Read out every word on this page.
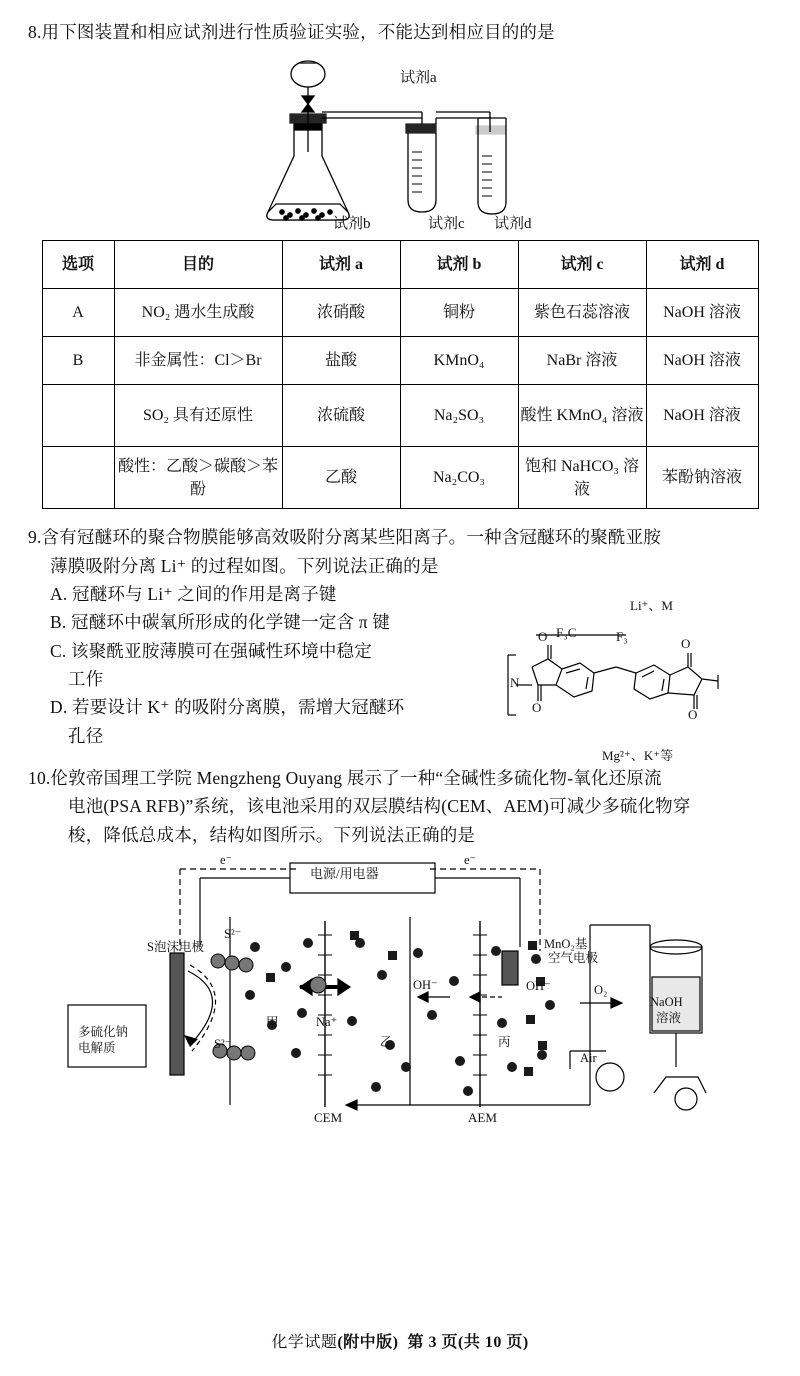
8.用下图装置和相应试剂进行性质验证实验，不能达到相应目的的是
试剂a
试剂b	试剂c 试剂d
选项	目的	试剂 a	试剂 b	试剂 c	试剂 d
A	NO₂ 遇水生成酸	浓硝酸	铜粉	紫色石蕊溶液	NaOH 溶液
B	非金属性：Cl＞Br	盐酸	KMnO₄	NaBr 溶液	NaOH 溶液
	SO₂ 具有还原性	浓硫酸	Na₂SO₃	酸性 KMnO₄ 溶液	NaOH 溶液
	酸性：乙酸＞碳酸＞苯酚	乙酸	Na₂CO₃	饱和 NaHCO₃ 溶液	苯酚钠溶液
9.含有冠醚环的聚合物膜能够高效吸附分离某些阳离子。一种含冠醚环的聚酰亚胺
薄膜吸附分离 Li⁺ 的过程如图。下列说法正确的是
A. 冠醚环与 Li⁺ 之间的作用是离子键
B. 冠醚环中碳氧所形成的化学键一定含 π 键
C. 该聚酰亚胺薄膜可在强碱性环境中稳定
工作
D. 若要设计 K⁺ 的吸附分离膜，需增大冠醚环
孔径
Li⁺、M
F₃C	F₃
O
O
O
O
N
Mg²⁺、K⁺等
10.伦敦帝国理工学院 Mengzheng Ouyang 展示了一种“全碱性多硫化物-氧化还原流
电池(PSA RFB)”系统，该电池采用的双层膜结构(CEM、AEM)可减少多硫化物穿
梭，降低总成本，结构如图所示。下列说法正确的是
电源/用电器
S泡沫电极	MnO₂基
空气电极
多硫化钠
电解质
CEM	AEM
OH⁻	OH⁻	O₂
Air
S²⁻
S²⁻
Na⁺
NaOH
溶液
e⁻	e⁻
甲
乙	丙
化学试题(附中版) 第 3 页(共 10 页)
